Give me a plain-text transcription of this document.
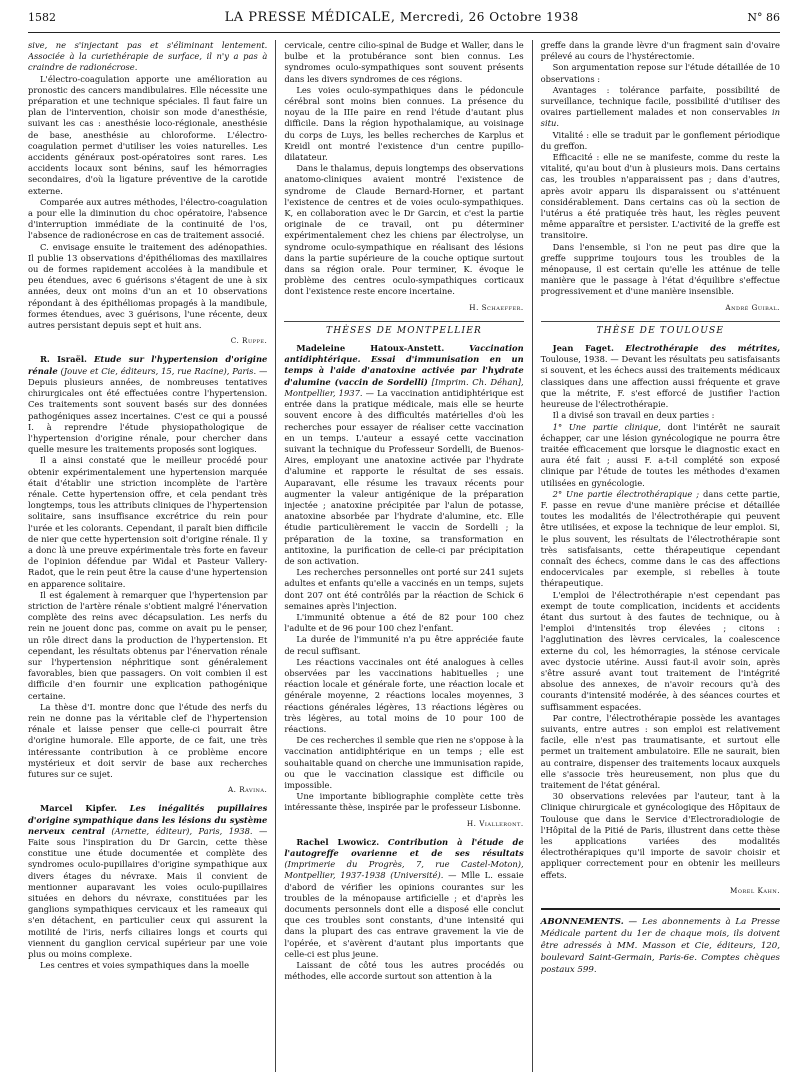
1582	LA PRESSE MÉDICALE, Mercredi, 26 Octobre 1938	N° 86

sive, ne s'injectant pas et s'éliminant lentement. Associée à la curiethérapie de surface, il n'y a pas à craindre de radionécrose.

L'électro-coagulation apporte une amélioration au pronostic des cancers mandibulaires. Elle nécessite une préparation et une technique spéciales. Il faut faire un plan de l'intervention, choisir son mode d'anesthésie, suivant les cas : anesthésie loco-régionale, anesthésie de base, anesthésie au chloroforme. L'électro-coagulation permet d'utiliser les voies naturelles. Les accidents généraux post-opératoires sont rares. Les accidents locaux sont bénins, sauf les hémorragies secondaires, d'où la ligature préventive de la carotide externe.

Comparée aux autres méthodes, l'électro-coagulation a pour elle la diminution du choc opératoire, l'absence d'interruption immédiate de la continuité de l'os, l'absence de radionécrose en cas de traitement associé.

C. envisage ensuite le traitement des adénopathies. Il publie 13 observations d'épithéliomas des maxillaires ou de formes rapidement accolées à la mandibule et peu étendues, avec 6 guérisons s'étagent de une à six années, deux ont moins d'un an et 10 observations répondant à des épithéliomas propagés à la mandibule, formes étendues, avec 3 guérisons, l'une récente, deux autres persistant depuis sept et huit ans.

C. Ruppe.

R. Israël. Etude sur l'hypertension d'origine rénale (Jouve et Cie, éditeurs, 15, rue Racine), Paris. — Depuis plusieurs années, de nombreuses tentatives chirurgicales ont été effectuées contre l'hypertension. Ces traitements sont souvent basés sur des données pathogéniques assez incertaines. C'est ce qui a poussé I. à reprendre l'étude physiopathologique de l'hypertension d'origine rénale, pour chercher dans quelle mesure les traitements proposés sont logiques.

Il a ainsi constaté que le meilleur procédé pour obtenir expérimentalement une hypertension marquée était d'établir une striction incomplète de l'artère rénale. Cette hypertension offre, et cela pendant très longtemps, tous les attributs cliniques de l'hypertension solitaire, sans insuffisance excrétrice du rein pour l'urée et les colorants. Cependant, il paraît bien difficile de nier que cette hypertension soit d'origine rénale. Il y a donc là une preuve expérimentale très forte en faveur de l'opinion défendue par Widal et Pasteur Vallery-Radot, que le rein peut être la cause d'une hypertension en apparence solitaire.

Il est également à remarquer que l'hypertension par striction de l'artère rénale s'obtient malgré l'énervation complète des reins avec décapsulation. Les nerfs du rein ne jouent donc pas, comme on avait pu le penser, un rôle direct dans la production de l'hypertension. Et cependant, les résultats obtenus par l'énervation rénale sur l'hypertension néphritique sont généralement favorables, bien que passagers. On voit combien il est difficile d'en fournir une explication pathogénique certaine.

La thèse d'I. montre donc que l'étude des nerfs du rein ne donne pas la véritable clef de l'hypertension rénale et laisse penser que celle-ci pourrait être d'origine humorale. Elle apporte, de ce fait, une très intéressante contribution à ce problème encore mystérieux et doit servir de base aux recherches futures sur ce sujet.

A. Ravina.

Marcel Kipfer. Les inégalités pupillaires d'origine sympathique dans les lésions du système nerveux central (Arnette, éditeur), Paris, 1938. — Faite sous l'inspiration du Dr Garcin, cette thèse constitue une étude documentée et complète des syndromes oculo-pupillaires d'origine sympathique aux divers étages du névraxe. Mais il convient de mentionner auparavant les voies oculo-pupillaires situées en dehors du névraxe, constituées par les ganglions sympathiques cervicaux et les rameaux qui s'en détachent, en particulier ceux qui assurent la motilité de l'iris, nerfs ciliaires longs et courts qui viennent du ganglion cervical supérieur par une voie plus ou moins complexe.

Les centres et voies sympathiques dans la moelle

cervicale, centre cilio-spinal de Budge et Waller, dans le bulbe et la protubérance sont bien connus. Les syndromes oculo-sympathiques sont souvent présents dans les divers syndromes de ces régions.

Les voies oculo-sympathiques dans le pédoncule cérébral sont moins bien connues. La présence du noyau de la IIIe paire en rend l'étude d'autant plus difficile. Dans la région hypothalamique, au voisinage du corps de Luys, les belles recherches de Karplus et Kreidl ont montré l'existence d'un centre pupillo-dilatateur.

Dans le thalamus, depuis longtemps des observations anatomo-cliniques avaient montré l'existence de syndrome de Claude Bernard-Horner, et partant l'existence de centres et de voies oculo-sympathiques. K, en collaboration avec le Dr Garcin, et c'est la partie originale de ce travail, ont pu déterminer expérimentalement chez les chiens par électrolyse, un syndrome oculo-sympathique en réalisant des lésions dans la partie supérieure de la couche optique surtout dans sa région orale. Pour terminer, K. évoque le problème des centres oculo-sympathiques corticaux dont l'existence reste encore incertaine.

H. Schaeffer.
THÈSES DE MONTPELLIER

Madeleine Hatoux-Anstett.	Vaccination antidiphtérique. Essai d'immunisation en un temps à l'aide d'anatoxine activée par l'hydrate d'alumine (vaccin de Sordelli) [Imprim. Ch. Déhan], Montpellier, 1937. — La vaccination antidiphtérique est entrée dans la pratique médicale, mais elle se heurte souvent encore à des difficultés matérielles d'où les recherches pour essayer de réaliser cette vaccination en un temps. L'auteur a essayé cette vaccination suivant la technique du Professeur Sordelli, de Buenos-Aires, employant une anatoxine activée par l'hydrate d'alumine et rapporte le résultat de ses essais. Auparavant, elle résume les travaux récents pour augmenter la valeur antigénique de la préparation injectée ; anatoxine précipitée par l'alun de potasse, anatoxine absorbée par l'hydrate d'alumine, etc. Elle étudie particulièrement le vaccin de Sordelli ; la préparation de la toxine, sa transformation en antitoxine, la purification de celle-ci par précipitation de son activation.

Les recherches personnelles ont porté sur 241 sujets adultes et enfants qu'elle a vaccinés en un temps, sujets dont 207 ont été contrôlés par la réaction de Schick 6 semaines après l'injection.

L'immunité obtenue a été de 82 pour 100 chez l'adulte et de 96 pour 100 chez l'enfant.

La durée de l'immunité n'a pu être appréciée faute de recul suffisant.

Les réactions vaccinales ont été analogues à celles observées par les vaccinations habituelles ; une réaction locale et générale forte, une réaction locale et générale moyenne, 2 réactions locales moyennes, 3 réactions générales légères, 13 réactions légères ou très légères, au total moins de 10 pour 100 de réactions.

De ces recherches il semble que rien ne s'oppose à la vaccination antidiphtérique en un temps ; elle est souhaitable quand on cherche une immunisation rapide, ou que le vaccination classique est difficile ou impossible.

Une importante bibliographie complète cette très intéressante thèse, inspirée par le professeur Lisbonne.

H. Vialleront.

Rachel Lwowicz. Contribution à l'étude de l'autogreffe ovarienne et de ses résultats (Imprimerie du Progrès, 7, rue Castel-Moton), Montpellier, 1937-1938 (Université). — Mlle L. essaie d'abord de vérifier les opinions courantes sur les troubles de la ménopause artificielle ; et d'après les documents personnels dont elle a disposé elle conclut que ces troubles sont constants, d'une intensité qui dans la plupart des cas entrave gravement la vie de l'opérée, et s'avèrent d'autant plus importants que celle-ci est plus jeune.

Laissant de côté tous les autres procédés ou méthodes, elle accorde surtout son attention à la

greffe dans la grande lèvre d'un fragment sain d'ovaire prélevé au cours de l'hystérectomie.

Son argumentation repose sur l'étude détaillée de 10 observations :

Avantages : tolérance parfaite, possibilité de surveillance, technique facile, possibilité d'utiliser des ovaires partiellement malades et non conservables in situ.

Vitalité : elle se traduit par le gonflement périodique du greffon.

Efficacité : elle ne se manifeste, comme du reste la vitalité, qu'au bout d'un à plusieurs mois. Dans certains cas, les troubles n'apparaissent pas ; dans d'autres, après avoir apparu ils disparaissent ou s'atténuent considérablement. Dans certains cas où la section de l'utérus a été pratiquée très haut, les règles peuvent même apparaître et persister. L'activité de la greffe est transitoire.

Dans l'ensemble, si l'on ne peut pas dire que la greffe supprime toujours tous les troubles de la ménopause, il est certain qu'elle les atténue de telle manière que le passage à l'état d'équilibre s'effectue progressivement et d'une manière insensible.

André Guibal.
THÈSE DE TOULOUSE

Jean Faget. Electrothérapie des métrites, Toulouse, 1938. — Devant les résultats peu satisfaisants si souvent, et les échecs aussi des traitements médicaux classiques dans une affection aussi fréquente et grave que la métrite, F. s'est efforcé de justifier l'action heureuse de l'électrothérapie.

Il a divisé son travail en deux parties :

1° Une partie clinique, dont l'intérêt ne saurait échapper, car une lésion gynécologique ne pourra être traitée efficacement que lorsque le diagnostic exact en aura été fait ; aussi F. a-t-il complété son exposé clinique par l'étude de toutes les méthodes d'examen utilisées en gynécologie.

2° Une partie électrothérapique ; dans cette partie, F. passe en revue d'une manière précise et détaillée toutes les modalités de l'électrothérapie qui peuvent être utilisées, et expose la technique de leur emploi. Si, le plus souvent, les résultats de l'électrothérapie sont très satisfaisants, cette thérapeutique cependant connaît des échecs, comme dans le cas des affections endocervicales par exemple, si rebelles à toute thérapeutique.

L'emploi de l'électrothérapie n'est cependant pas exempt de toute complication, incidents et accidents étant dus surtout à des fautes de technique, ou à l'emploi d'intensités trop élevées ; citons : l'agglutination des lèvres cervicales, la coalescence externe du col, les hémorragies, la sténose cervicale avec dystocie utérine. Aussi faut-il avoir soin, après s'être assuré avant tout traitement de l'intégrité absolue des annexes, de n'avoir recours qu'à des courants d'intensité modérée, à des séances courtes et suffisamment espacées.

Par contre, l'électrothérapie possède les avantages suivants, entre autres : son emploi est relativement facile, elle n'est pas traumatisante, et surtout elle permet un traitement ambulatoire. Elle ne saurait, bien au contraire, dispenser des traitements locaux auxquels elle s'associe très heureusement, non plus que du traitement de l'état général.

30 observations relevées par l'auteur, tant à la Clinique chirurgicale et gynécologique des Hôpitaux de Toulouse que dans le Service d'Electroradiologie de l'Hôpital de la Pitié de Paris, illustrent dans cette thèse les applications variées des modalités électrothérapiques qu'il importe de savoir choisir et appliquer correctement pour en obtenir les meilleurs effets.

Morel Kahn.
ABONNEMENTS. — Les abonnements à La Presse Médicale partent du 1er de chaque mois, ils doivent être adressés à MM. Masson et Cie, éditeurs, 120, boulevard Saint-Germain, Paris-6e. Comptes chèques postaux 599.
